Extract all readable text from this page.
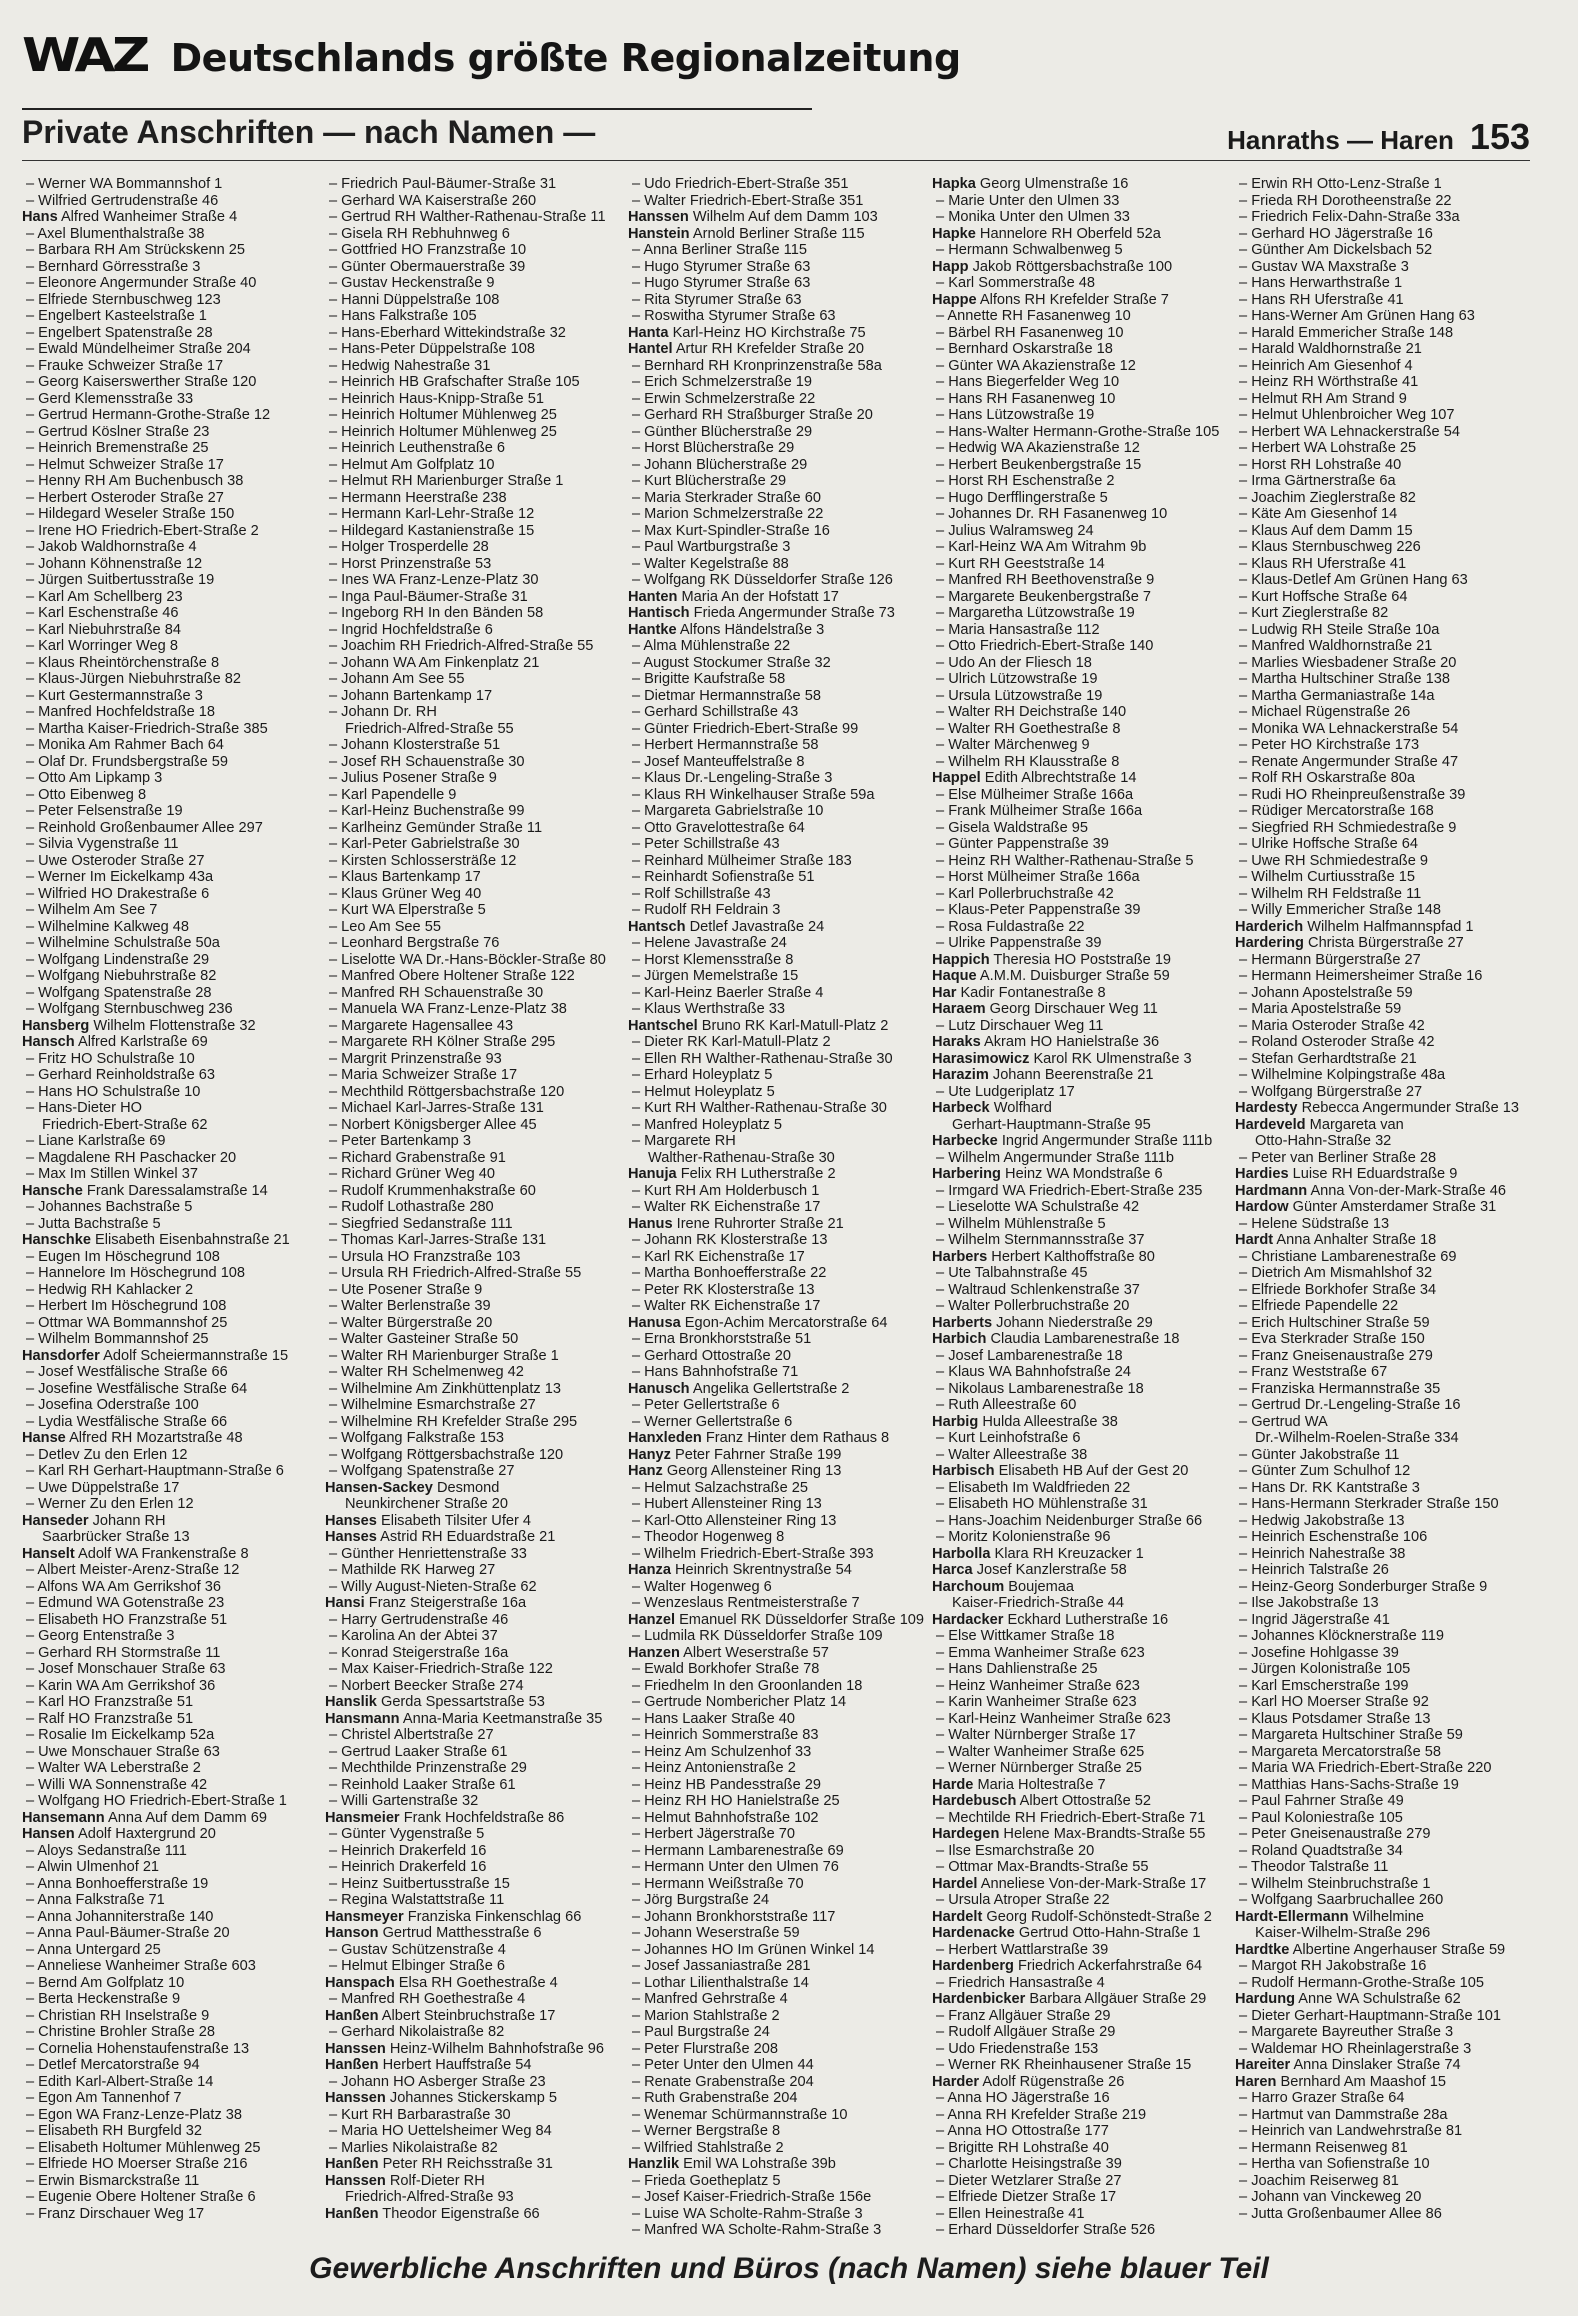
WAZ Deutschlands größte Regionalzeitung
Private Anschriften — nach Namen —	Hanraths — Haren 153
– Werner WA Bommannshof 1
– Wilfried Gertrudenstraße 46
Hans Alfred Wanheimer Straße 4
– Axel Blumenthalstraße 38
– Barbara RH Am Strückskenn 25
– Bernhard Görresstraße 3
– Eleonore Angermunder Straße 40
– Elfriede Sternbuschweg 123
– Engelbert Kasteelstraße 1
– Engelbert Spatenstraße 28
– Ewald Mündelheimer Straße 204
– Frauke Schweizer Straße 17
– Georg Kaiserswerther Straße 120
– Gerd Klemensstraße 33
– Gertrud Hermann-Grothe-Straße 12
– Gertrud Köslner Straße 23
– Heinrich Bremenstraße 25
– Helmut Schweizer Straße 17
– Henny RH Am Buchenbusch 38
– Herbert Osteroder Straße 27
– Hildegard Weseler Straße 150
– Irene HO Friedrich-Ebert-Straße 2
– Jakob Waldhornstraße 4
– Johann Köhnenstraße 12
– Jürgen Suitbertusstraße 19
– Karl Am Schellberg 23
– Karl Eschenstraße 46
– Karl Niebuhrstraße 84
– Karl Worringer Weg 8
– Klaus Rheintörchenstraße 8
– Klaus-Jürgen Niebuhrstraße 82
– Kurt Gestermannstraße 3
– Manfred Hochfeldstraße 18
– Martha Kaiser-Friedrich-Straße 385
– Monika Am Rahmer Bach 64
– Olaf Dr. Frundsbergstraße 59
– Otto Am Lipkamp 3
– Otto Eibenweg 8
– Peter Felsenstraße 19
– Reinhold Großenbaumer Allee 297
– Silvia Vygenstraße 11
– Uwe Osteroder Straße 27
– Werner Im Eickelkamp 43a
– Wilfried HO Drakestraße 6
– Wilhelm Am See 7
– Wilhelmine Kalkweg 48
– Wilhelmine Schulstraße 50a
– Wolfgang Lindenstraße 29
– Wolfgang Niebuhrstraße 82
– Wolfgang Spatenstraße 28
– Wolfgang Sternbuschweg 236
Hansberg Wilhelm Flottenstraße 32
Hansch Alfred Karlstraße 69
– Fritz HO Schulstraße 10
– Gerhard Reinholdstraße 63
– Hans HO Schulstraße 10
– Hans-Dieter HO
Friedrich-Ebert-Straße 62
– Liane Karlstraße 69
– Magdalene RH Paschacker 20
– Max Im Stillen Winkel 37
Hansche Frank Daressalamstraße 14
– Johannes Bachstraße 5
– Jutta Bachstraße 5
Hanschke Elisabeth Eisenbahnstraße 21
– Eugen Im Höschegrund 108
– Hannelore Im Höschegrund 108
– Hedwig RH Kahlacker 2
– Herbert Im Höschegrund 108
– Ottmar WA Bommannshof 25
– Wilhelm Bommannshof 25
Hansdorfer Adolf Scheiermannstraße 15
– Josef Westfälische Straße 66
– Josefine Westfälische Straße 64
– Josefina Oderstraße 100
– Lydia Westfälische Straße 66
Hanse Alfred RH Mozartstraße 48
– Detlev Zu den Erlen 12
– Karl RH Gerhart-Hauptmann-Straße 6
– Uwe Düppelstraße 17
– Werner Zu den Erlen 12
Hanseder Johann RH
Saarbrücker Straße 13
Hanselt Adolf WA Frankenstraße 8
– Albert Meister-Arenz-Straße 12
– Alfons WA Am Gerrikshof 36
– Edmund WA Gotenstraße 23
– Elisabeth HO Franzstraße 51
– Georg Entenstraße 3
– Gerhard RH Stormstraße 11
– Josef Monschauer Straße 63
– Karin WA Am Gerrikshof 36
– Karl HO Franzstraße 51
– Ralf HO Franzstraße 51
– Rosalie Im Eickelkamp 52a
– Uwe Monschauer Straße 63
– Walter WA Leberstraße 2
– Willi WA Sonnenstraße 42
– Wolfgang HO Friedrich-Ebert-Straße 1
Hansemann Anna Auf dem Damm 69
Hansen Adolf Haxtergrund 20
– Aloys Sedanstraße 111
– Alwin Ulmenhof 21
– Anna Bonhoefferstraße 19
– Anna Falkstraße 71
– Anna Johanniterstraße 140
– Anna Paul-Bäumer-Straße 20
– Anna Untergard 25
– Anneliese Wanheimer Straße 603
– Bernd Am Golfplatz 10
– Berta Heckenstraße 9
– Christian RH Inselstraße 9
– Christine Brohler Straße 28
– Cornelia Hohenstaufenstraße 13
– Detlef Mercatorstraße 94
– Edith Karl-Albert-Straße 14
– Egon Am Tannenhof 7
– Egon WA Franz-Lenze-Platz 38
– Elisabeth RH Burgfeld 32
– Elisabeth Holtumer Mühlenweg 25
– Elfriede HO Moerser Straße 216
– Erwin Bismarckstraße 11
– Eugenie Obere Holtener Straße 6
– Franz Dirschauer Weg 17
– Friedrich Paul-Bäumer-Straße 31
– Gerhard WA Kaiserstraße 260
– Gertrud RH Walther-Rathenau-Straße 11
– Gisela RH Rebhuhnweg 6
– Gottfried HO Franzstraße 10
– Günter Obermauerstraße 39
– Gustav Heckenstraße 9
– Hanni Düppelstraße 108
– Hans Falkstraße 105
– Hans-Eberhard Wittekindstraße 32
– Hans-Peter Düppelstraße 108
– Hedwig Nahestraße 31
– Heinrich HB Grafschafter Straße 105
– Heinrich Haus-Knipp-Straße 51
– Heinrich Holtumer Mühlenweg 25
– Heinrich Holtumer Mühlenweg 25
– Heinrich Leuthenstraße 6
– Helmut Am Golfplatz 10
– Helmut RH Marienburger Straße 1
– Hermann Heerstraße 238
– Hermann Karl-Lehr-Straße 12
– Hildegard Kastanienstraße 15
– Holger Trosperdelle 28
– Horst Prinzenstraße 53
– Ines WA Franz-Lenze-Platz 30
– Inga Paul-Bäumer-Straße 31
– Ingeborg RH In den Bänden 58
– Ingrid Hochfeldstraße 6
– Joachim RH Friedrich-Alfred-Straße 55
– Johann WA Am Finkenplatz 21
– Johann Am See 55
– Johann Bartenkamp 17
– Johann Dr. RH
Friedrich-Alfred-Straße 55
– Johann Klosterstraße 51
– Josef RH Schauenstraße 30
– Julius Posener Straße 9
– Karl Papendelle 9
– Karl-Heinz Buchenstraße 99
– Karlheinz Gemünder Straße 11
– Karl-Peter Gabrielstraße 30
– Kirsten Schlossersträße 12
– Klaus Bartenkamp 17
– Klaus Grüner Weg 40
– Kurt WA Elperstraße 5
– Leo Am See 55
– Leonhard Bergstraße 76
– Liselotte WA Dr.-Hans-Böckler-Straße 80
– Manfred Obere Holtener Straße 122
– Manfred RH Schauenstraße 30
– Manuela WA Franz-Lenze-Platz 38
– Margarete Hagensallee 43
– Margarete RH Kölner Straße 295
– Margrit Prinzenstraße 93
– Maria Schweizer Straße 17
– Mechthild Röttgersbachstraße 120
– Michael Karl-Jarres-Straße 131
– Norbert Königsberger Allee 45
– Peter Bartenkamp 3
– Richard Grabenstraße 91
– Richard Grüner Weg 40
– Rudolf Krummenhakstraße 60
– Rudolf Lothastraße 280
– Siegfried Sedanstraße 111
– Thomas Karl-Jarres-Straße 131
– Ursula HO Franzstraße 103
– Ursula RH Friedrich-Alfred-Straße 55
– Ute Posener Straße 9
– Walter Berlenstraße 39
– Walter Bürgerstraße 20
– Walter Gasteiner Straße 50
– Walter RH Marienburger Straße 1
– Walter RH Schelmenweg 42
– Wilhelmine Am Zinkhüttenplatz 13
– Wilhelmine Esmarchstraße 27
– Wilhelmine RH Krefelder Straße 295
– Wolfgang Falkstraße 153
– Wolfgang Röttgersbachstraße 120
– Wolfgang Spatenstraße 27
Hansen-Sackey Desmond
Neunkirchener Straße 20
Hanses Elisabeth Tilsiter Ufer 4
Hanses Astrid RH Eduardstraße 21
– Günther Henriettenstraße 33
– Mathilde RK Harweg 27
– Willy August-Nieten-Straße 62
Hansi Franz Steigerstraße 16a
– Harry Gertrudenstraße 46
– Karolina An der Abtei 37
– Konrad Steigerstraße 16a
– Max Kaiser-Friedrich-Straße 122
– Norbert Beecker Straße 274
Hanslik Gerda Spessartstraße 53
Hansmann Anna-Maria Keetmanstraße 35
– Christel Albertstraße 27
– Gertrud Laaker Straße 61
– Mechthilde Prinzenstraße 29
– Reinhold Laaker Straße 61
– Willi Gartenstraße 32
Hansmeier Frank Hochfeldstraße 86
– Günter Vygenstraße 5
– Heinrich Drakerfeld 16
– Heinrich Drakerfeld 16
– Heinz Suitbertusstraße 15
– Regina Walstattstraße 11
Hansmeyer Franziska Finkenschlag 66
Hanson Gertrud Matthesstraße 6
– Gustav Schützenstraße 4
– Helmut Elbinger Straße 6
Hanspach Elsa RH Goethestraße 4
– Manfred RH Goethestraße 4
Hanßen Albert Steinbruchstraße 17
– Gerhard Nikolaistraße 82
Hanssen Heinz-Wilhelm Bahnhofstraße 96
Hanßen Herbert Hauffstraße 54
– Johann HO Asberger Straße 23
Hanssen Johannes Stickerskamp 5
– Kurt RH Barbarastraße 30
– Maria HO Uettelsheimer Weg 84
– Marlies Nikolaistraße 82
Hanßen Peter RH Reichsstraße 31
Hanssen Rolf-Dieter RH
Friedrich-Alfred-Straße 93
Hanßen Theodor Eigenstraße 66
– Udo Friedrich-Ebert-Straße 351
– Walter Friedrich-Ebert-Straße 351
Hanssen Wilhelm Auf dem Damm 103
Hanstein Arnold Berliner Straße 115
– Anna Berliner Straße 115
– Hugo Styrumer Straße 63
– Hugo Styrumer Straße 63
– Rita Styrumer Straße 63
– Roswitha Styrumer Straße 63
Hanta Karl-Heinz HO Kirchstraße 75
Hantel Artur RH Krefelder Straße 20
– Bernhard RH Kronprinzenstraße 58a
– Erich Schmelzerstraße 19
– Erwin Schmelzerstraße 22
– Gerhard RH Straßburger Straße 20
– Günther Blücherstraße 29
– Horst Blücherstraße 29
– Johann Blücherstraße 29
– Kurt Blücherstraße 29
– Maria Sterkrader Straße 60
– Marion Schmelzerstraße 22
– Max Kurt-Spindler-Straße 16
– Paul Wartburgstraße 3
– Walter Kegelstraße 88
– Wolfgang RK Düsseldorfer Straße 126
Hanten Maria An der Hofstatt 17
Hantisch Frieda Angermunder Straße 73
Hantke Alfons Händelstraße 3
– Alma Mühlenstraße 22
– August Stockumer Straße 32
– Brigitte Kaufstraße 58
– Dietmar Hermannstraße 58
– Gerhard Schillstraße 43
– Günter Friedrich-Ebert-Straße 99
– Herbert Hermannstraße 58
– Josef Manteuffelstraße 8
– Klaus Dr.-Lengeling-Straße 3
– Klaus RH Winkelhauser Straße 59a
– Margareta Gabrielstraße 10
– Otto Gravelottestraße 64
– Peter Schillstraße 43
– Reinhard Mülheimer Straße 183
– Reinhardt Sofienstraße 51
– Rolf Schillstraße 43
– Rudolf RH Feldrain 3
Hantsch Detlef Javastraße 24
– Helene Javastraße 24
– Horst Klemensstraße 8
– Jürgen Memelstraße 15
– Karl-Heinz Baerler Straße 4
– Klaus Werthstraße 33
Hantschel Bruno RK Karl-Matull-Platz 2
– Dieter RK Karl-Matull-Platz 2
– Ellen RH Walther-Rathenau-Straße 30
– Erhard Holeyplatz 5
– Helmut Holeyplatz 5
– Kurt RH Walther-Rathenau-Straße 30
– Manfred Holeyplatz 5
– Margarete RH
Walther-Rathenau-Straße 30
Hanuja Felix RH Lutherstraße 2
– Kurt RH Am Holderbusch 1
– Walter RK Eichenstraße 17
Hanus Irene Ruhrorter Straße 21
– Johann RK Klosterstraße 13
– Karl RK Eichenstraße 17
– Martha Bonhoefferstraße 22
– Peter RK Klosterstraße 13
– Walter RK Eichenstraße 17
Hanusa Egon-Achim Mercatorstraße 64
– Erna Bronkhorststraße 51
– Gerhard Ottostraße 20
– Hans Bahnhofstraße 71
Hanusch Angelika Gellertstraße 2
– Peter Gellertstraße 6
– Werner Gellertstraße 6
Hanxleden Franz Hinter dem Rathaus 8
Hanyz Peter Fahrner Straße 199
Hanz Georg Allensteiner Ring 13
– Helmut Salzachstraße 25
– Hubert Allensteiner Ring 13
– Karl-Otto Allensteiner Ring 13
– Theodor Hogenweg 8
– Wilhelm Friedrich-Ebert-Straße 393
Hanza Heinrich Skrentnystraße 54
– Walter Hogenweg 6
– Wenzeslaus Rentmeisterstraße 7
Hanzel Emanuel RK Düsseldorfer Straße 109
– Ludmila RK Düsseldorfer Straße 109
Hanzen Albert Weserstraße 57
– Ewald Borkhofer Straße 78
– Friedhelm In den Groonlanden 18
– Gertrude Nombericher Platz 14
– Hans Laaker Straße 40
– Heinrich Sommerstraße 83
– Heinz Am Schulzenhof 33
– Heinz Antonienstraße 2
– Heinz HB Pandesstraße 29
– Heinz RH HO Hanielstraße 25
– Helmut Bahnhofstraße 102
– Herbert Jägerstraße 70
– Hermann Lambarenestraße 69
– Hermann Unter den Ulmen 76
– Hermann Weißstraße 70
– Jörg Burgstraße 24
– Johann Bronkhorststraße 117
– Johann Weserstraße 59
– Johannes HO Im Grünen Winkel 14
– Josef Jassaniastraße 281
– Lothar Lilienthalstraße 14
– Manfred Gehrstraße 4
– Marion Stahlstraße 2
– Paul Burgstraße 24
– Peter Flurstraße 208
– Peter Unter den Ulmen 44
– Renate Grabenstraße 204
– Ruth Grabenstraße 204
– Wenemar Schürmannstraße 10
– Werner Bergstraße 8
– Wilfried Stahlstraße 2
Hanzlik Emil WA Lohstraße 39b
– Frieda Goetheplatz 5
– Josef Kaiser-Friedrich-Straße 156e
– Luise WA Scholte-Rahm-Straße 3
– Manfred WA Scholte-Rahm-Straße 3
Hapka Georg Ulmenstraße 16
– Marie Unter den Ulmen 33
– Monika Unter den Ulmen 33
Hapke Hannelore RH Oberfeld 52a
– Hermann Schwalbenweg 5
Happ Jakob Röttgersbachstraße 100
– Karl Sommerstraße 48
Happe Alfons RH Krefelder Straße 7
– Annette RH Fasanenweg 10
– Bärbel RH Fasanenweg 10
– Bernhard Oskarstraße 18
– Günter WA Akazienstraße 12
– Hans Biegerfelder Weg 10
– Hans RH Fasanenweg 10
– Hans Lützowstraße 19
– Hans-Walter Hermann-Grothe-Straße 105
– Hedwig WA Akazienstraße 12
– Herbert Beukenbergstraße 15
– Horst RH Eschenstraße 2
– Hugo Derfflingerstraße 5
– Johannes Dr. RH Fasanenweg 10
– Julius Walramsweg 24
– Karl-Heinz WA Am Witrahm 9b
– Kurt RH Geeststraße 14
– Manfred RH Beethovenstraße 9
– Margarete Beukenbergstraße 7
– Margaretha Lützowstraße 19
– Maria Hansastraße 112
– Otto Friedrich-Ebert-Straße 140
– Udo An der Fliesch 18
– Ulrich Lützowstraße 19
– Ursula Lützowstraße 19
– Walter RH Deichstraße 140
– Walter RH Goethestraße 8
– Walter Märchenweg 9
– Wilhelm RH Klausstraße 8
Happel Edith Albrechtstraße 14
– Else Mülheimer Straße 166a
– Frank Mülheimer Straße 166a
– Gisela Waldstraße 95
– Günter Pappenstraße 39
– Heinz RH Walther-Rathenau-Straße 5
– Horst Mülheimer Straße 166a
– Karl Pollerbruchstraße 42
– Klaus-Peter Pappenstraße 39
– Rosa Fuldastraße 22
– Ulrike Pappenstraße 39
Happich Theresia HO Poststraße 19
Haque A.M.M. Duisburger Straße 59
Har Kadir Fontanestraße 8
Haraem Georg Dirschauer Weg 11
– Lutz Dirschauer Weg 11
Haraks Akram HO Hanielstraße 36
Harasimowicz Karol RK Ulmenstraße 3
Harazim Johann Beerenstraße 21
– Ute Ludgeriplatz 17
Harbeck Wolfhard
Gerhart-Hauptmann-Straße 95
Harbecke Ingrid Angermunder Straße 111b
– Wilhelm Angermunder Straße 111b
Harbering Heinz WA Mondstraße 6
– Irmgard WA Friedrich-Ebert-Straße 235
– Lieselotte WA Schulstraße 42
– Wilhelm Mühlenstraße 5
– Wilhelm Sternmannsstraße 37
Harbers Herbert Kalthoffstraße 80
– Ute Talbahnstraße 45
– Waltraud Schlenkenstraße 37
– Walter Pollerbruchstraße 20
Harberts Johann Niederstraße 29
Harbich Claudia Lambarenestraße 18
– Josef Lambarenestraße 18
– Klaus WA Bahnhofstraße 24
– Nikolaus Lambarenestraße 18
– Ruth Alleestraße 60
Harbig Hulda Alleestraße 38
– Kurt Leinhofstraße 6
– Walter Alleestraße 38
Harbisch Elisabeth HB Auf der Gest 20
– Elisabeth Im Waldfrieden 22
– Elisabeth HO Mühlenstraße 31
– Hans-Joachim Neidenburger Straße 66
– Moritz Kolonienstraße 96
Harbolla Klara RH Kreuzacker 1
Harca Josef Kanzlerstraße 58
Harchoum Boujemaa
Kaiser-Friedrich-Straße 44
Hardacker Eckhard Lutherstraße 16
– Else Wittkamer Straße 18
– Emma Wanheimer Straße 623
– Hans Dahlienstraße 25
– Heinz Wanheimer Straße 623
– Karin Wanheimer Straße 623
– Karl-Heinz Wanheimer Straße 623
– Walter Nürnberger Straße 17
– Walter Wanheimer Straße 625
– Werner Nürnberger Straße 25
Harde Maria Holtestraße 7
Hardebusch Albert Ottostraße 52
– Mechtilde RH Friedrich-Ebert-Straße 71
Hardegen Helene Max-Brandts-Straße 55
– Ilse Esmarchstraße 20
– Ottmar Max-Brandts-Straße 55
Hardel Anneliese Von-der-Mark-Straße 17
– Ursula Atroper Straße 22
Hardelt Georg Rudolf-Schönstedt-Straße 2
Hardenacke Gertrud Otto-Hahn-Straße 1
– Herbert Wattlarstraße 39
Hardenberg Friedrich Ackerfahrstraße 64
– Friedrich Hansastraße 4
Hardenbicker Barbara Allgäuer Straße 29
– Franz Allgäuer Straße 29
– Rudolf Allgäuer Straße 29
– Udo Friedenstraße 153
– Werner RK Rheinhausener Straße 15
Harder Adolf Rügenstraße 26
– Anna HO Jägerstraße 16
– Anna RH Krefelder Straße 219
– Anna HO Ottostraße 177
– Brigitte RH Lohstraße 40
– Charlotte Heisingstraße 39
– Dieter Wetzlarer Straße 27
– Elfriede Dietzer Straße 17
– Ellen Heinestraße 41
– Erhard Düsseldorfer Straße 526
– Erwin RH Otto-Lenz-Straße 1
– Frieda RH Dorotheenstraße 22
– Friedrich Felix-Dahn-Straße 33a
– Gerhard HO Jägerstraße 16
– Günther Am Dickelsbach 52
– Gustav WA Maxstraße 3
– Hans Herwarthstraße 1
– Hans RH Uferstraße 41
– Hans-Werner Am Grünen Hang 63
– Harald Emmericher Straße 148
– Harald Waldhornstraße 21
– Heinrich Am Giesenhof 4
– Heinz RH Wörthstraße 41
– Helmut RH Am Strand 9
– Helmut Uhlenbroicher Weg 107
– Herbert WA Lehnackerstraße 54
– Herbert WA Lohstraße 25
– Horst RH Lohstraße 40
– Irma Gärtnerstraße 6a
– Joachim Zieglerstraße 82
– Käte Am Giesenhof 14
– Klaus Auf dem Damm 15
– Klaus Sternbuschweg 226
– Klaus RH Uferstraße 41
– Klaus-Detlef Am Grünen Hang 63
– Kurt Hoffsche Straße 64
– Kurt Zieglerstraße 82
– Ludwig RH Steile Straße 10a
– Manfred Waldhornstraße 21
– Marlies Wiesbadener Straße 20
– Martha Hultschiner Straße 138
– Martha Germaniastraße 14a
– Michael Rügenstraße 26
– Monika WA Lehnackerstraße 54
– Peter HO Kirchstraße 173
– Renate Angermunder Straße 47
– Rolf RH Oskarstraße 80a
– Rudi HO Rheinpreußenstraße 39
– Rüdiger Mercatorstraße 168
– Siegfried RH Schmiedestraße 9
– Ulrike Hoffsche Straße 64
– Uwe RH Schmiedestraße 9
– Wilhelm Curtiusstraße 15
– Wilhelm RH Feldstraße 11
– Willy Emmericher Straße 148
Harderich Wilhelm Halfmannspfad 1
Hardering Christa Bürgerstraße 27
– Hermann Bürgerstraße 27
– Hermann Heimersheimer Straße 16
– Johann Apostelstraße 59
– Maria Apostelstraße 59
– Maria Osteroder Straße 42
– Roland Osteroder Straße 42
– Stefan Gerhardtstraße 21
– Wilhelmine Kolpingstraße 48a
– Wolfgang Bürgerstraße 27
Hardesty Rebecca Angermunder Straße 13
Hardeveld Margareta van
Otto-Hahn-Straße 32
– Peter van Berliner Straße 28
Hardies Luise RH Eduardstraße 9
Hardmann Anna Von-der-Mark-Straße 46
Hardow Günter Amsterdamer Straße 31
– Helene Südstraße 13
Hardt Anna Anhalter Straße 18
– Christiane Lambarenestraße 69
– Dietrich Am Mismahlshof 32
– Elfriede Borkhofer Straße 34
– Elfriede Papendelle 22
– Erich Hultschiner Straße 59
– Eva Sterkrader Straße 150
– Franz Gneisenaustraße 279
– Franz Weststraße 67
– Franziska Hermannstraße 35
– Gertrud Dr.-Lengeling-Straße 16
– Gertrud WA
Dr.-Wilhelm-Roelen-Straße 334
– Günter Jakobstraße 11
– Günter Zum Schulhof 12
– Hans Dr. RK Kantstraße 3
– Hans-Hermann Sterkrader Straße 150
– Hedwig Jakobstraße 13
– Heinrich Eschenstraße 106
– Heinrich Nahestraße 38
– Heinrich Talstraße 26
– Heinz-Georg Sonderburger Straße 9
– Ilse Jakobstraße 13
– Ingrid Jägerstraße 41
– Johannes Klöcknerstraße 119
– Josefine Hohlgasse 39
– Jürgen Kolonistraße 105
– Karl Emscherstraße 199
– Karl HO Moerser Straße 92
– Klaus Potsdamer Straße 13
– Margareta Hultschiner Straße 59
– Margareta Mercatorstraße 58
– Maria WA Friedrich-Ebert-Straße 220
– Matthias Hans-Sachs-Straße 19
– Paul Fahrner Straße 49
– Paul Koloniestraße 105
– Peter Gneisenaustraße 279
– Roland Quadtstraße 34
– Theodor Talstraße 11
– Wilhelm Steinbruchstraße 1
– Wolfgang Saarbruchallee 260
Hardt-Ellermann Wilhelmine
Kaiser-Wilhelm-Straße 296
Hardtke Albertine Angerhauser Straße 59
– Margot RH Jakobstraße 16
– Rudolf Hermann-Grothe-Straße 105
Hardung Anne WA Schulstraße 62
– Dieter Gerhart-Hauptmann-Straße 101
– Margarete Bayreuther Straße 3
– Waldemar HO Rheinlagerstraße 3
Hareiter Anna Dinslaker Straße 74
Haren Bernhard Am Maashof 15
– Harro Grazer Straße 64
– Hartmut van Dammstraße 28a
– Heinrich van Landwehrstraße 81
– Hermann Reisenweg 81
– Hertha van Sofienstraße 10
– Joachim Reiserweg 81
– Johann van Vinckeweg 20
– Jutta Großenbaumer Allee 86
Gewerbliche Anschriften und Büros (nach Namen) siehe blauer Teil
